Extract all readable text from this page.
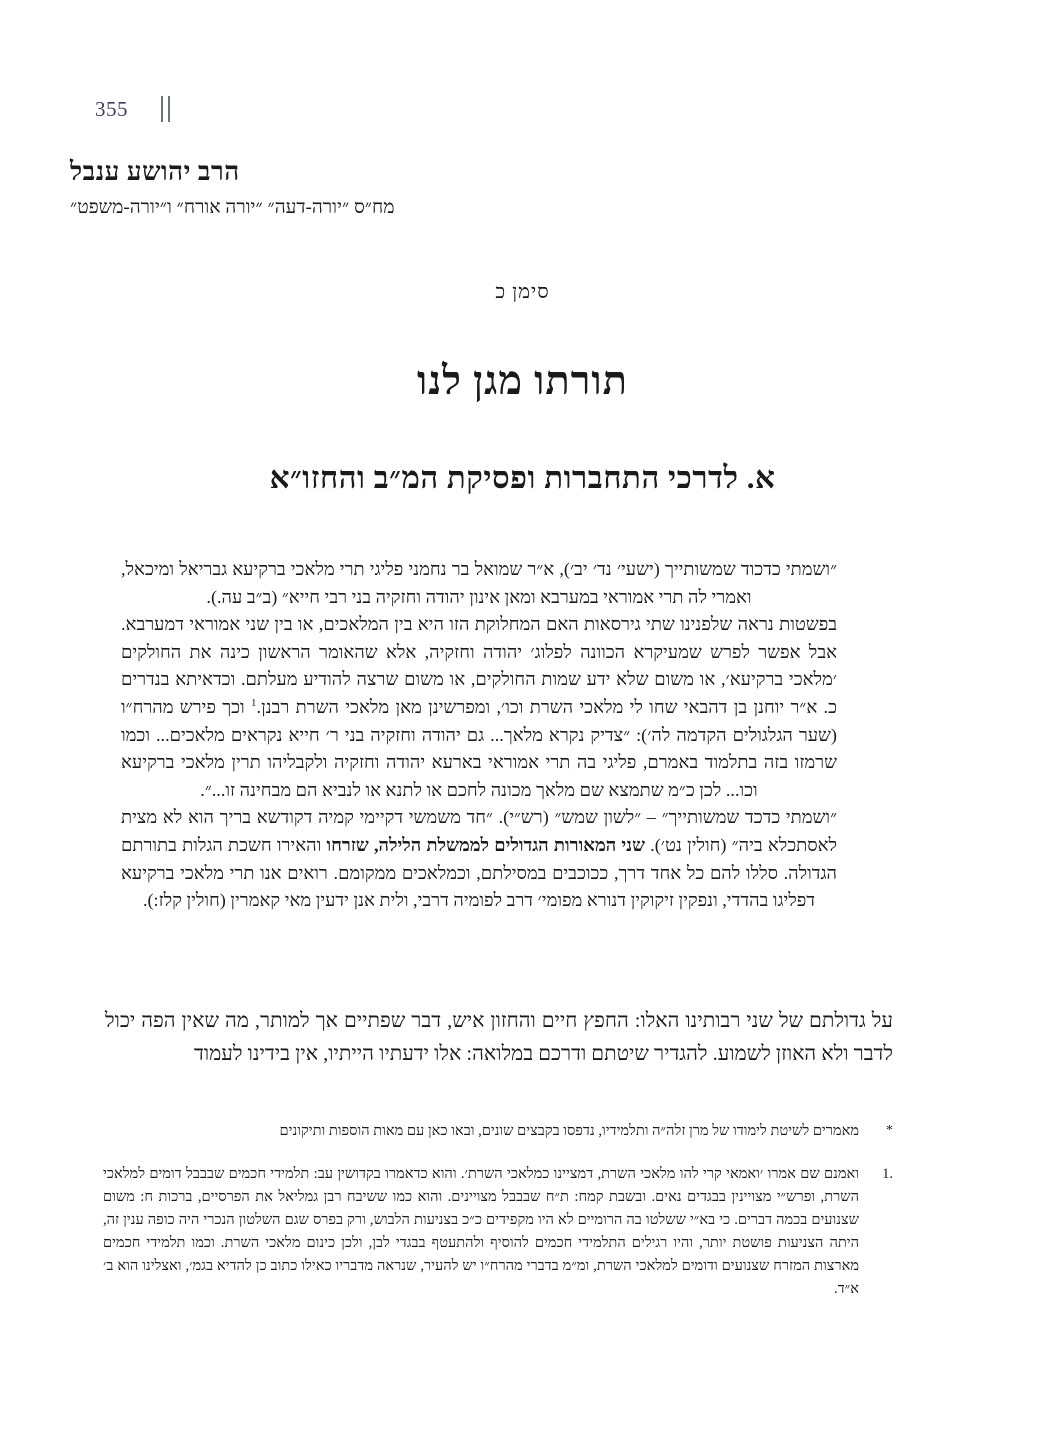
355

הרב יהושע ענבל

מח״ס ״יורה-דעה״ ״יורה אורח״ ו״יורה-משפט״

סימן כ
תורתו מגן לנו
א. לדרכי התחברות ופסיקת המ״ב והחזו״א

״ושמתי כדכוד שמשותייך (ישעי׳ נד׳ יב׳), א״ר שמואל בר נחמני פליגי תרי מלאכי ברקיעא גבריאל ומיכאל, ואמרי לה תרי אמוראי במערבא ומאן אינון יהודה וחזקיה בני רבי חייא״ (ב״ב עה.).

בפשטות נראה שלפנינו שתי גירסאות האם המחלוקת הזו היא בין המלאכים, או בין שני אמוראי דמערבא. אבל אפשר לפרש שמעיקרא הכוונה לפלוג׳ יהודה וחזקיה, אלא שהאומר הראשון כינה את החולקים ׳מלאכי ברקיעא׳, או משום שלא ידע שמות החולקים, או משום שרצה להודיע מעלתם. וכדאיתא בנדרים כ. א״ר יוחנן בן דהבאי שחו לי מלאכי השרת וכו׳, ומפרשינן מאן מלאכי השרת רבנן.$^1$ וכך פירש מהרח״ו (שער הגלגולים הקדמה לה׳): ״צדיק נקרא מלאך... גם יהודה וחזקיה בני ר׳ חייא נקראים מלאכים... וכמו שרמזו בזה בתלמוד באמרם, פליגי בה תרי אמוראי בארעא יהודה וחזקיה ולקבליהו תרין מלאכי ברקיעא וכו... לכן כ״מ שתמצא שם מלאך מכונה לחכם או לתנא או לנביא הם מבחינה זו...״.

״ושמתי כדכד שמשותייך״ – ״לשון שמש״ (רש״י). ״חד משמשי דקיימי קמיה דקודשא בריך הוא לא מצית לאסתכלא ביה״ (חולין נט׳). שני המאורות הגדולים לממשלת הלילה, שזרחו והאירו חשכת הגלות בתורתם הגדולה. סללו להם כל אחד דרך, ככוכבים במסילתם, וכמלאכים ממקומם. רואים אנו תרי מלאכי ברקיעא דפליגו בהדדי, ונפקין זיקוקין דנורא מפומי׳ דרב לפומיה דרבי, ולית אנן ידעין מאי קאמרין (חולין קלז:).

על גדולתם של שני רבותינו האלו: החפץ חיים והחזון איש, דבר שפתיים אך למותר, מה שאין הפה יכול לדבר ולא האוזן לשמוע. להגדיר שיטתם ודרכם במלואה: אלו ידעתיו הייתיו, אין בידינו לעמוד
*
מאמרים לשיטת לימודו של מרן זלה״ה ותלמידיו, נדפסו בקבצים שונים, ובאו כאן עם מאות הוספות ותיקונים
.1
ואמנם שם אמרו ׳ואמאי קרי להו מלאכי השרת, דמציינו כמלאכי השרת׳. והוא כדאמרו בקדושין עב: תלמידי חכמים שבבבל דומים למלאכי השרת, ופרש״י מצויינין בבגדים נאים. ובשבת קמח: ת״ח שבבבל מצויינים. והוא כמו ששיבח רבן גמליאל את הפרסיים, ברכות ח: משום שצנועים בכמה דברים. כי בא״י ששלטו בה הרומיים לא היו מקפידים כ״כ בצניעות הלבוש, ורק בפרס שגם השלטון הנכרי היה כופה ענין זה, היתה הצניעות פושטת יותר, והיו רגילים התלמידי חכמים להוסיף ולהתעטף בבגדי לבן, ולכן כינום מלאכי השרת. וכמו תלמידי חכמים מארצות המזרח שצנועים ודומים למלאכי השרת, ומ״מ בדברי מהרח״ו יש להעיר, שנראה מדבריו כאילו כתוב כן להדיא בגמ׳, ואצלינו הוא ב׳ א״ד.
